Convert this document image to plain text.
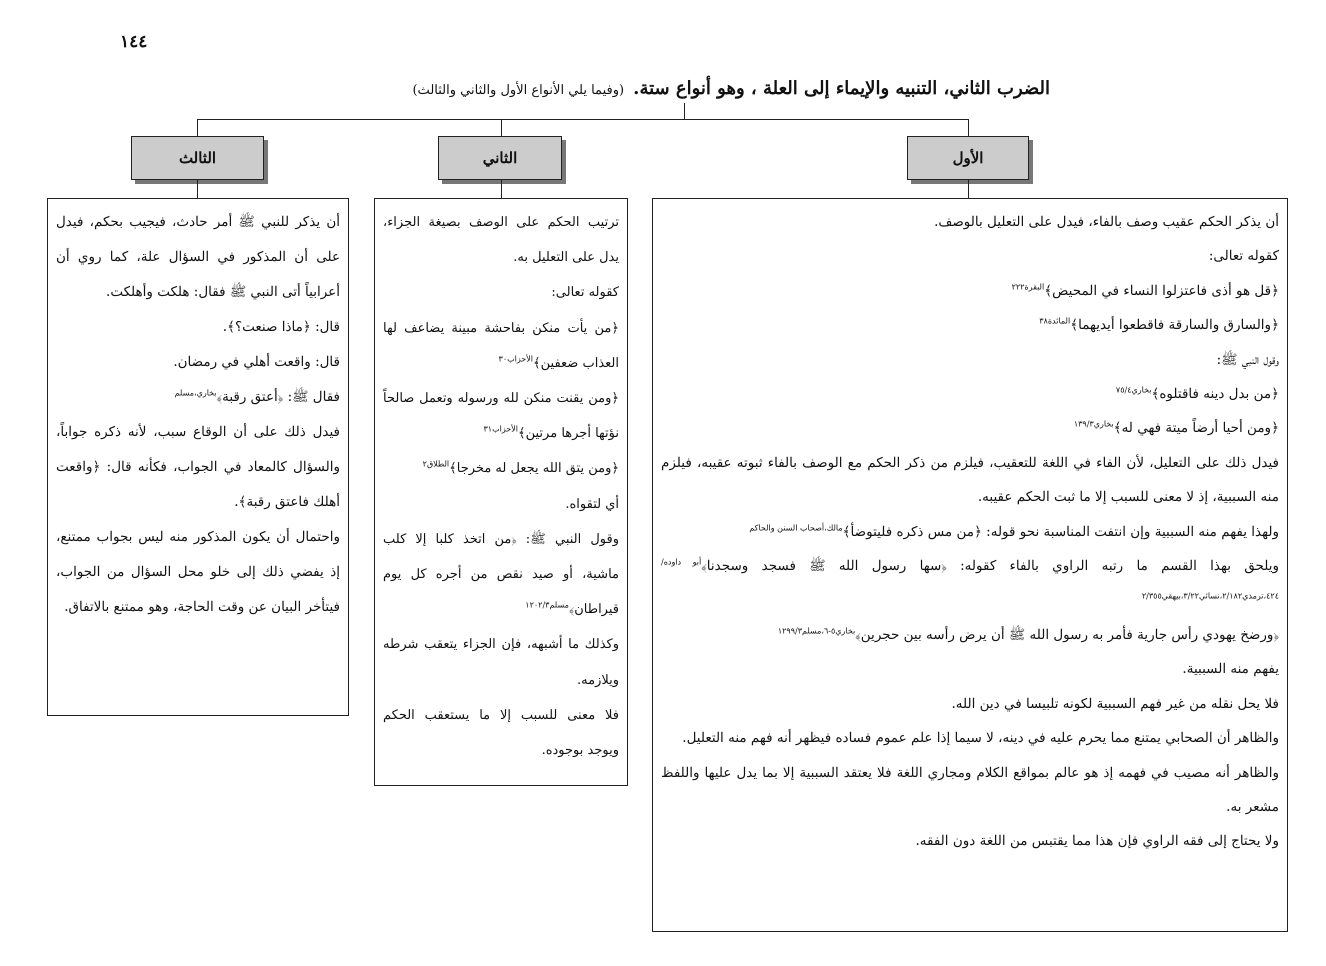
١٤٤
الضرب الثاني، التنبيه والإيماء إلى العلة ، وهو أنواع ستة. (وفيما يلي الأنواع الأول والثاني والثالث)
الأول
الثاني
الثالث

أن يذكر الحكم عقيب وصف بالفاء، فيدل على التعليل بالوصف.

كقوله تعالى:

﴿قل هو أذى فاعتزلوا النساء في المحيض﴾$^{البقرة٢٢٢}$

﴿والسارق والسارقة فاقطعوا أيديهما﴾$^{المائدة٣٨}$

وقول النبي ﷺ:

﴿من بدل دينه فاقتلوه﴾$^{بخاري٧٥/٤}$

﴿ومن أحيا أرضاً ميتة فهي له﴾$^{بخاري١٣٩/٣}$

فيدل ذلك على التعليل، لأن الفاء في اللغة للتعقيب، فيلزم من ذكر الحكم مع الوصف بالفاء ثبوته عقيبه، فيلزم منه السببية، إذ لا معنى للسبب إلا ما ثبت الحكم عقيبه.

ولهذا يفهم منه السببية وإن انتفت المناسبة نحو قوله: ﴿من مس ذكره فليتوضأ﴾$^{مالك،أصحاب السنن والحاكم}$

ويلحق بهذا القسم ما رتبه الراوي بالفاء كقوله: ﴿سها رسول الله ﷺ فسجد وسجدنا﴾$^{أبو داوده/٤٢٤،ترمذي٢/١٨٢،نسائي٣/٢٢،بيهقي٢/٣٥٥}$

﴿ورضخ يهودي رأس جارية فأمر به رسول الله ﷺ أن يرض رأسه بين حجرين﴾$^{بخاري٥-٦،مسلم١٢٩٩/٣}$

يفهم منه السببية.

فلا يحل نقله من غير فهم السببية لكونه تلبيسا في دين الله.

والظاهر أن الصحابي يمتنع مما يحرم عليه في دينه، لا سيما إذا علم عموم فساده فيظهر أنه فهم منه التعليل.

والظاهر أنه مصيب في فهمه إذ هو عالم بمواقع الكلام ومجاري اللغة فلا يعتقد السببية إلا بما يدل عليها واللفظ مشعر به.

ولا يحتاج إلى فقه الراوي فإن هذا مما يقتبس من اللغة دون الفقه.

ترتيب الحكم على الوصف بصيغة الجزاء، يدل على التعليل به.

كقوله تعالى:

﴿من يأت منكن بفاحشة مبينة يضاعف لها العذاب ضعفين﴾$^{الأحزاب٣٠}$

﴿ومن يقنت منكن لله ورسوله وتعمل صالحاً نؤتها أجرها مرتين﴾$^{الأحزاب٣١}$

﴿ومن يتق الله يجعل له مخرجا﴾$^{الطلاق٢}$

أي لتقواه.

وقول النبي ﷺ: ﴿من اتخذ كلبا إلا كلب ماشية، أو صيد نقص من أجره كل يوم قيراطان﴾$^{مسلم١٢٠٢/٣}$

وكذلك ما أشبهه، فإن الجزاء يتعقب شرطه ويلازمه.

فلا معنى للسبب إلا ما يستعقب الحكم ويوجد بوجوده.

أن يذكر للنبي ﷺ أمر حادث، فيجيب بحكم، فيدل على أن المذكور في السؤال علة، كما روي أن أعرابياً أتى النبي ﷺ فقال: هلكت وأهلكت.

قال: ﴿ماذا صنعت؟﴾.

قال: واقعت أهلي في رمضان.

فقال ﷺ: ﴿أعتق رقبة﴾$^{بخاري،مسلم}$

فيدل ذلك على أن الوقاع سبب، لأنه ذكره جواباً، والسؤال كالمعاد في الجواب، فكأنه قال: ﴿واقعت أهلك فاعتق رقبة﴾.

واحتمال أن يكون المذكور منه ليس بجواب ممتنع، إذ يفضي ذلك إلى خلو محل السؤال من الجواب، فيتأخر البيان عن وقت الحاجة، وهو ممتنع بالاتفاق.
